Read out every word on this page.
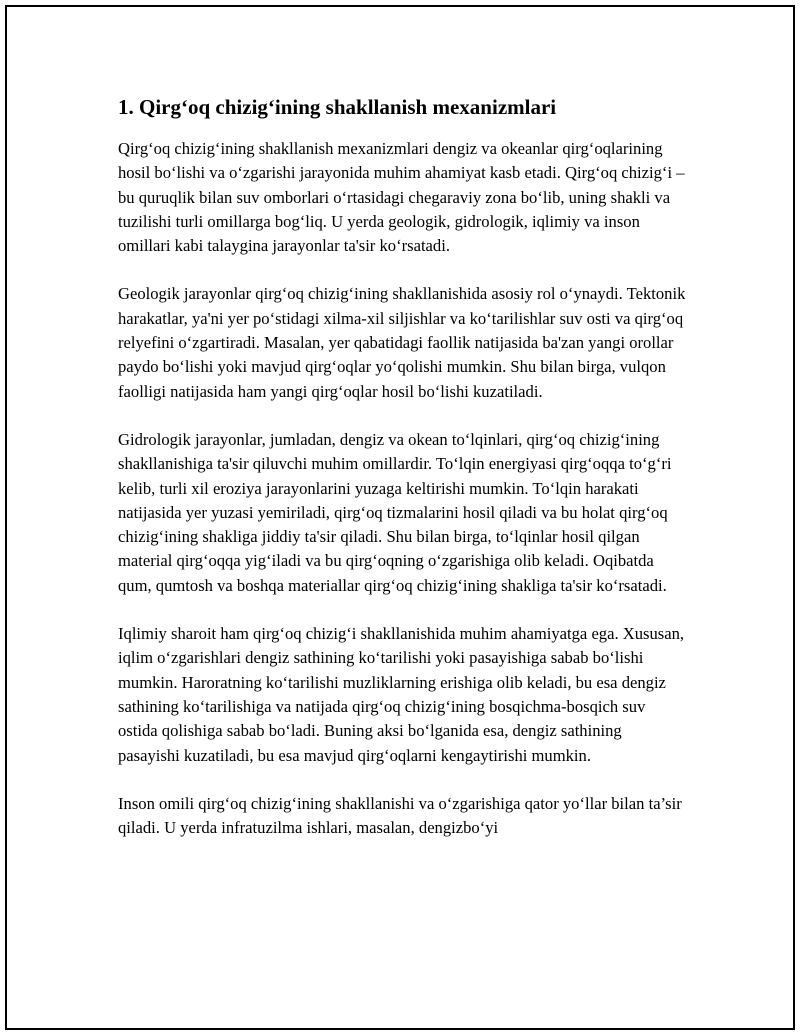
1. Qirg‘oq chizig‘ining shakllanish mexanizmlari

Qirg‘oq chizig‘ining shakllanish mexanizmlari dengiz va okeanlar qirg‘oqlarining hosil bo‘lishi va o‘zgarishi jarayonida muhim ahamiyat kasb etadi. Qirg‘oq chizig‘i – bu quruqlik bilan suv omborlari o‘rtasidagi chegaraviy zona bo‘lib, uning shakli va tuzilishi turli omillarga bog‘liq. U yerda geologik, gidrologik, iqlimiy va inson omillari kabi talaygina jarayonlar ta'sir ko‘rsatadi.

Geologik jarayonlar qirg‘oq chizig‘ining shakllanishida asosiy rol o‘ynaydi. Tektonik harakatlar, ya'ni yer po‘stidagi xilma-xil siljishlar va ko‘tarilishlar suv osti va qirg‘oq relyefini o‘zgartiradi. Masalan, yer qabatidagi faollik natijasida ba'zan yangi orollar paydo bo‘lishi yoki mavjud qirg‘oqlar yo‘qolishi mumkin. Shu bilan birga, vulqon faolligi natijasida ham yangi qirg‘oqlar hosil bo‘lishi kuzatiladi.

Gidrologik jarayonlar, jumladan, dengiz va okean to‘lqinlari, qirg‘oq chizig‘ining shakllanishiga ta'sir qiluvchi muhim omillardir. To‘lqin energiyasi qirg‘oqqa to‘g‘ri kelib, turli xil eroziya jarayonlarini yuzaga keltirishi mumkin. To‘lqin harakati natijasida yer yuzasi yemiriladi, qirg‘oq tizmalarini hosil qiladi va bu holat qirg‘oq chizig‘ining shakliga jiddiy ta'sir qiladi. Shu bilan birga, to‘lqinlar hosil qilgan material qirg‘oqqa yig‘iladi va bu qirg‘oqning o‘zgarishiga olib keladi. Oqibatda qum, qumtosh va boshqa materiallar qirg‘oq chizig‘ining shakliga ta'sir ko‘rsatadi.

Iqlimiy sharoit ham qirg‘oq chizig‘i shakllanishida muhim ahamiyatga ega. Xususan, iqlim o‘zgarishlari dengiz sathining ko‘tarilishi yoki pasayishiga sabab bo‘lishi mumkin. Haroratning ko‘tarilishi muzliklarning erishiga olib keladi, bu esa dengiz sathining ko‘tarilishiga va natijada qirg‘oq chizig‘ining bosqichma-bosqich suv ostida qolishiga sabab bo‘ladi. Buning aksi bo‘lganida esa, dengiz sathining pasayishi kuzatiladi, bu esa mavjud qirg‘oqlarni kengaytirishi mumkin.

Inson omili qirg‘oq chizig‘ining shakllanishi va o‘zgarishiga qator yo‘llar bilan ta’sir qiladi. U yerda infratuzilma ishlari, masalan, dengizbo‘yi
